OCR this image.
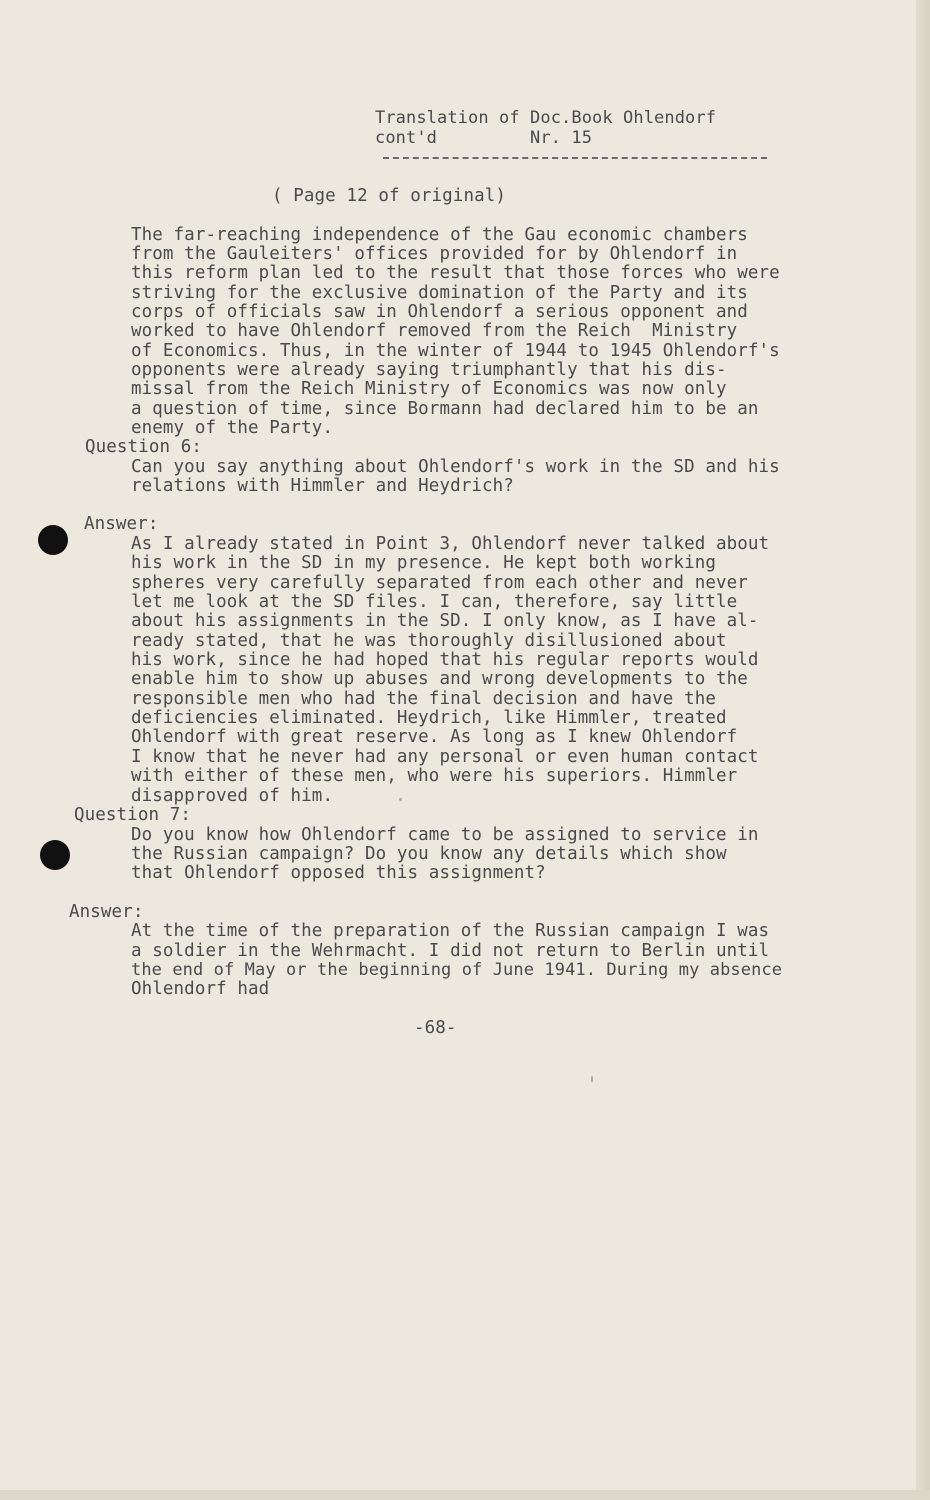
Translation of Doc.Book Ohlendorf
cont'd         Nr. 15
( Page 12 of original)
The far-reaching independence of the Gau economic chambers
from the Gauleiters' offices provided for by Ohlendorf in
this reform plan led to the result that those forces who were
striving for the exclusive domination of the Party and its
corps of officials saw in Ohlendorf a serious opponent and
worked to have Ohlendorf removed from the Reich  Ministry
of Economics. Thus, in the winter of 1944 to 1945 Ohlendorf's
opponents were already saying triumphantly that his dis-
missal from the Reich Ministry of Economics was now only
a question of time, since Bormann had declared him to be an
enemy of the Party.
Question 6:
Can you say anything about Ohlendorf's work in the SD and his
relations with Himmler and Heydrich?
Answer:
As I already stated in Point 3, Ohlendorf never talked about
his work in the SD in my presence. He kept both working
spheres very carefully separated from each other and never
let me look at the SD files. I can, therefore, say little
about his assignments in the SD. I only know, as I have al-
ready stated, that he was thoroughly disillusioned about
his work, since he had hoped that his regular reports would
enable him to show up abuses and wrong developments to the
responsible men who had the final decision and have the
deficiencies eliminated. Heydrich, like Himmler, treated
Ohlendorf with great reserve. As long as I knew Ohlendorf
I know that he never had any personal or even human contact
with either of these men, who were his superiors. Himmler
disapproved of him.
Question 7:
Do you know how Ohlendorf came to be assigned to service in
the Russian campaign? Do you know any details which show
that Ohlendorf opposed this assignment?
Answer:
At the time of the preparation of the Russian campaign I was
a soldier in the Wehrmacht. I did not return to Berlin until
the end of May or the beginning of June 1941. During my absence
Ohlendorf had
-68-
